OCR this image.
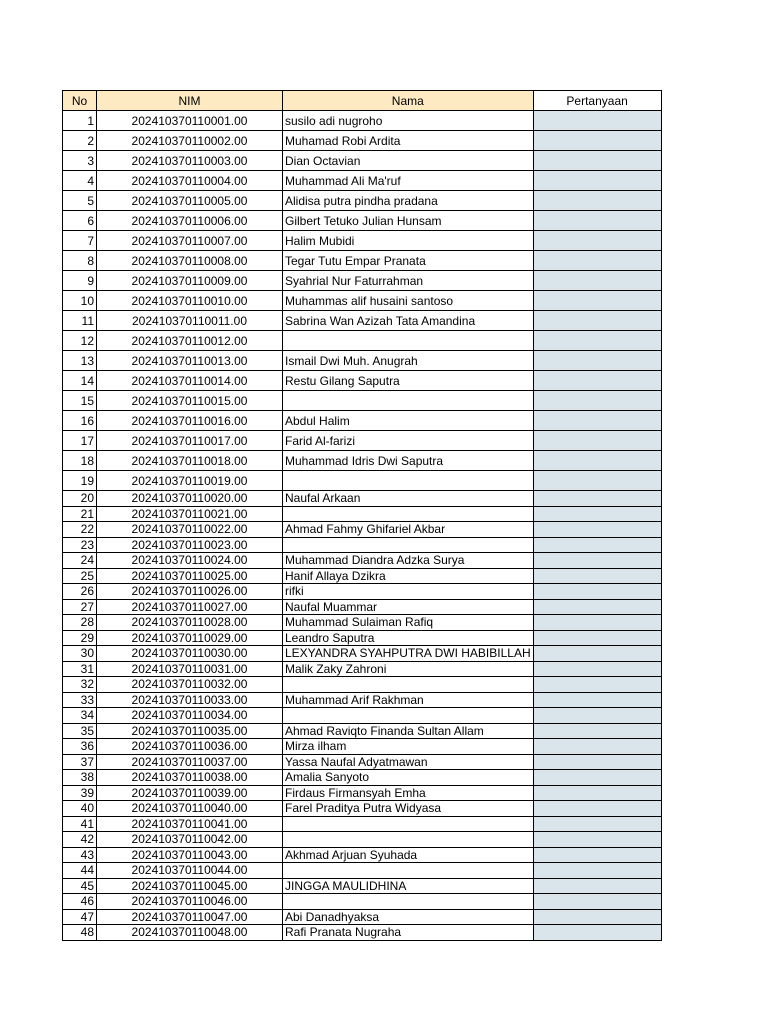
No	NIM	Nama	Pertanyaan
1	202410370110001.00	susilo adi nugroho	
2	202410370110002.00	Muhamad Robi Ardita	
3	202410370110003.00	Dian Octavian	
4	202410370110004.00	Muhammad Ali Ma'ruf	
5	202410370110005.00	Alidisa putra pindha pradana	
6	202410370110006.00	Gilbert Tetuko Julian Hunsam	
7	202410370110007.00	Halim Mubidi	
8	202410370110008.00	Tegar Tutu Empar Pranata	
9	202410370110009.00	Syahrial Nur Faturrahman	
10	202410370110010.00	Muhammas alif husaini santoso	
11	202410370110011.00	Sabrina Wan Azizah Tata Amandina	
12	202410370110012.00		
13	202410370110013.00	Ismail Dwi Muh. Anugrah	
14	202410370110014.00	Restu Gilang Saputra	
15	202410370110015.00		
16	202410370110016.00	Abdul Halim	
17	202410370110017.00	Farid Al-farizi	
18	202410370110018.00	Muhammad Idris Dwi Saputra	
19	202410370110019.00		
20	202410370110020.00	Naufal Arkaan	
21	202410370110021.00		
22	202410370110022.00	Ahmad Fahmy Ghifariel Akbar	
23	202410370110023.00		
24	202410370110024.00	Muhammad Diandra Adzka Surya	
25	202410370110025.00	Hanif Allaya Dzikra	
26	202410370110026.00	rifki	
27	202410370110027.00	Naufal Muammar	
28	202410370110028.00	Muhammad Sulaiman Rafiq	
29	202410370110029.00	Leandro Saputra	
30	202410370110030.00	LEXYANDRA SYAHPUTRA DWI HABIBILLAH	
31	202410370110031.00	Malik Zaky Zahroni	
32	202410370110032.00		
33	202410370110033.00	Muhammad Arif Rakhman	
34	202410370110034.00		
35	202410370110035.00	Ahmad Raviqto Finanda Sultan Allam	
36	202410370110036.00	Mirza ilham	
37	202410370110037.00	Yassa Naufal Adyatmawan	
38	202410370110038.00	Amalia Sanyoto	
39	202410370110039.00	Firdaus Firmansyah Emha	
40	202410370110040.00	Farel Praditya Putra Widyasa	
41	202410370110041.00		
42	202410370110042.00		
43	202410370110043.00	Akhmad Arjuan Syuhada	
44	202410370110044.00		
45	202410370110045.00	JINGGA MAULIDHINA	
46	202410370110046.00		
47	202410370110047.00	Abi Danadhyaksa	
48	202410370110048.00	Rafi Pranata Nugraha	
